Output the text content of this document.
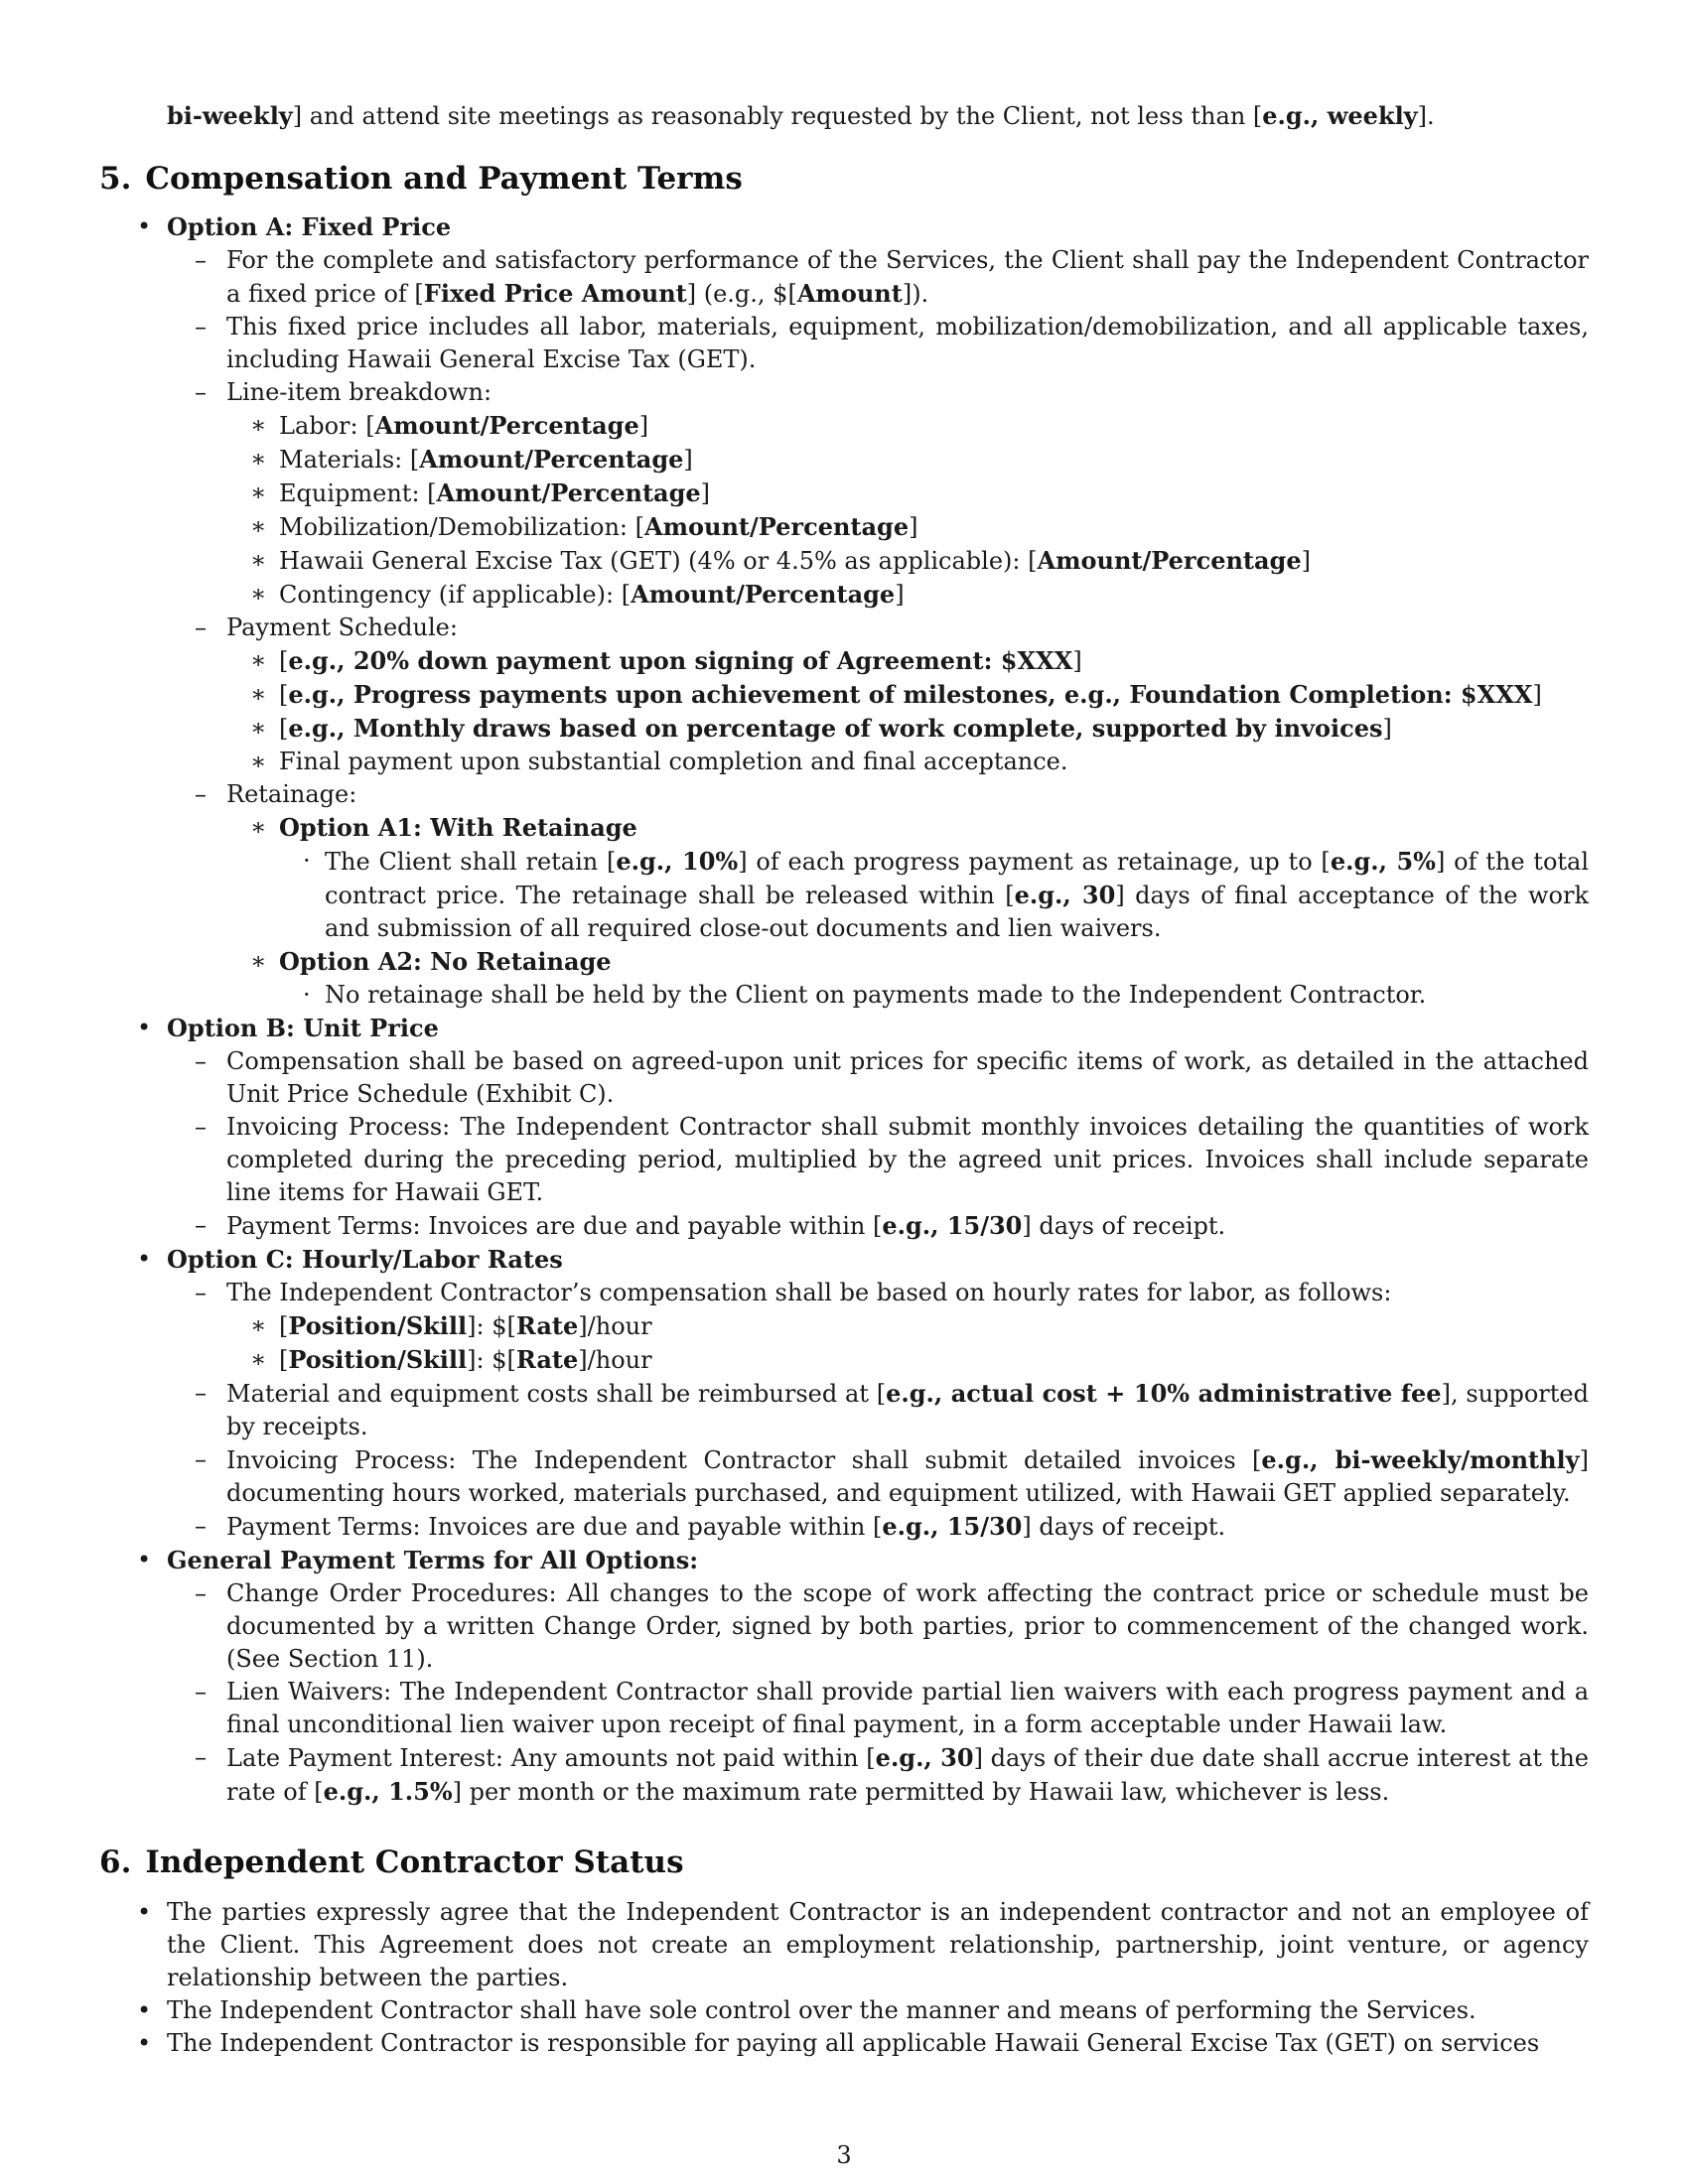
bi-weekly] and attend site meetings as reasonably requested by the Client, not less than [e.g., weekly].

5. Compensation and Payment Terms
• Option A: Fixed Price
– For the complete and satisfactory performance of the Services, the Client shall pay the Independent Contractor a fixed price of [Fixed Price Amount] (e.g., $[Amount]).
– This fixed price includes all labor, materials, equipment, mobilization/demobilization, and all applicable taxes, including Hawaii General Excise Tax (GET).
– Line-item breakdown:
∗ Labor: [Amount/Percentage]
∗ Materials: [Amount/Percentage]
∗ Equipment: [Amount/Percentage]
∗ Mobilization/Demobilization: [Amount/Percentage]
∗ Hawaii General Excise Tax (GET) (4% or 4.5% as applicable): [Amount/Percentage]
∗ Contingency (if applicable): [Amount/Percentage]
– Payment Schedule:
∗ [e.g., 20% down payment upon signing of Agreement: $XXX]
∗ [e.g., Progress payments upon achievement of milestones, e.g., Foundation Completion: $XXX]
∗ [e.g., Monthly draws based on percentage of work complete, supported by invoices]
∗ Final payment upon substantial completion and final acceptance.
– Retainage:
∗ Option A1: With Retainage
· The Client shall retain [e.g., 10%] of each progress payment as retainage, up to [e.g., 5%] of the total contract price. The retainage shall be released within [e.g., 30] days of final acceptance of the work and submission of all required close-out documents and lien waivers.
∗ Option A2: No Retainage
· No retainage shall be held by the Client on payments made to the Independent Contractor.
• Option B: Unit Price
– Compensation shall be based on agreed-upon unit prices for specific items of work, as detailed in the attached Unit Price Schedule (Exhibit C).
– Invoicing Process: The Independent Contractor shall submit monthly invoices detailing the quantities of work completed during the preceding period, multiplied by the agreed unit prices. Invoices shall include separate line items for Hawaii GET.
– Payment Terms: Invoices are due and payable within [e.g., 15/30] days of receipt.
• Option C: Hourly/Labor Rates
– The Independent Contractor’s compensation shall be based on hourly rates for labor, as follows:
∗ [Position/Skill]: $[Rate]/hour
∗ [Position/Skill]: $[Rate]/hour
– Material and equipment costs shall be reimbursed at [e.g., actual cost + 10% administrative fee], supported by receipts.
– Invoicing Process: The Independent Contractor shall submit detailed invoices [e.g., bi-weekly/monthly] documenting hours worked, materials purchased, and equipment utilized, with Hawaii GET applied separately.
– Payment Terms: Invoices are due and payable within [e.g., 15/30] days of receipt.
• General Payment Terms for All Options:
– Change Order Procedures: All changes to the scope of work affecting the contract price or schedule must be documented by a written Change Order, signed by both parties, prior to commencement of the changed work. (See Section 11).
– Lien Waivers: The Independent Contractor shall provide partial lien waivers with each progress payment and a final unconditional lien waiver upon receipt of final payment, in a form acceptable under Hawaii law.
– Late Payment Interest: Any amounts not paid within [e.g., 30] days of their due date shall accrue interest at the rate of [e.g., 1.5%] per month or the maximum rate permitted by Hawaii law, whichever is less.
6. Independent Contractor Status
• The parties expressly agree that the Independent Contractor is an independent contractor and not an employee of the Client. This Agreement does not create an employment relationship, partnership, joint venture, or agency relationship between the parties.
• The Independent Contractor shall have sole control over the manner and means of performing the Services.
• The Independent Contractor is responsible for paying all applicable Hawaii General Excise Tax (GET) on services
3
